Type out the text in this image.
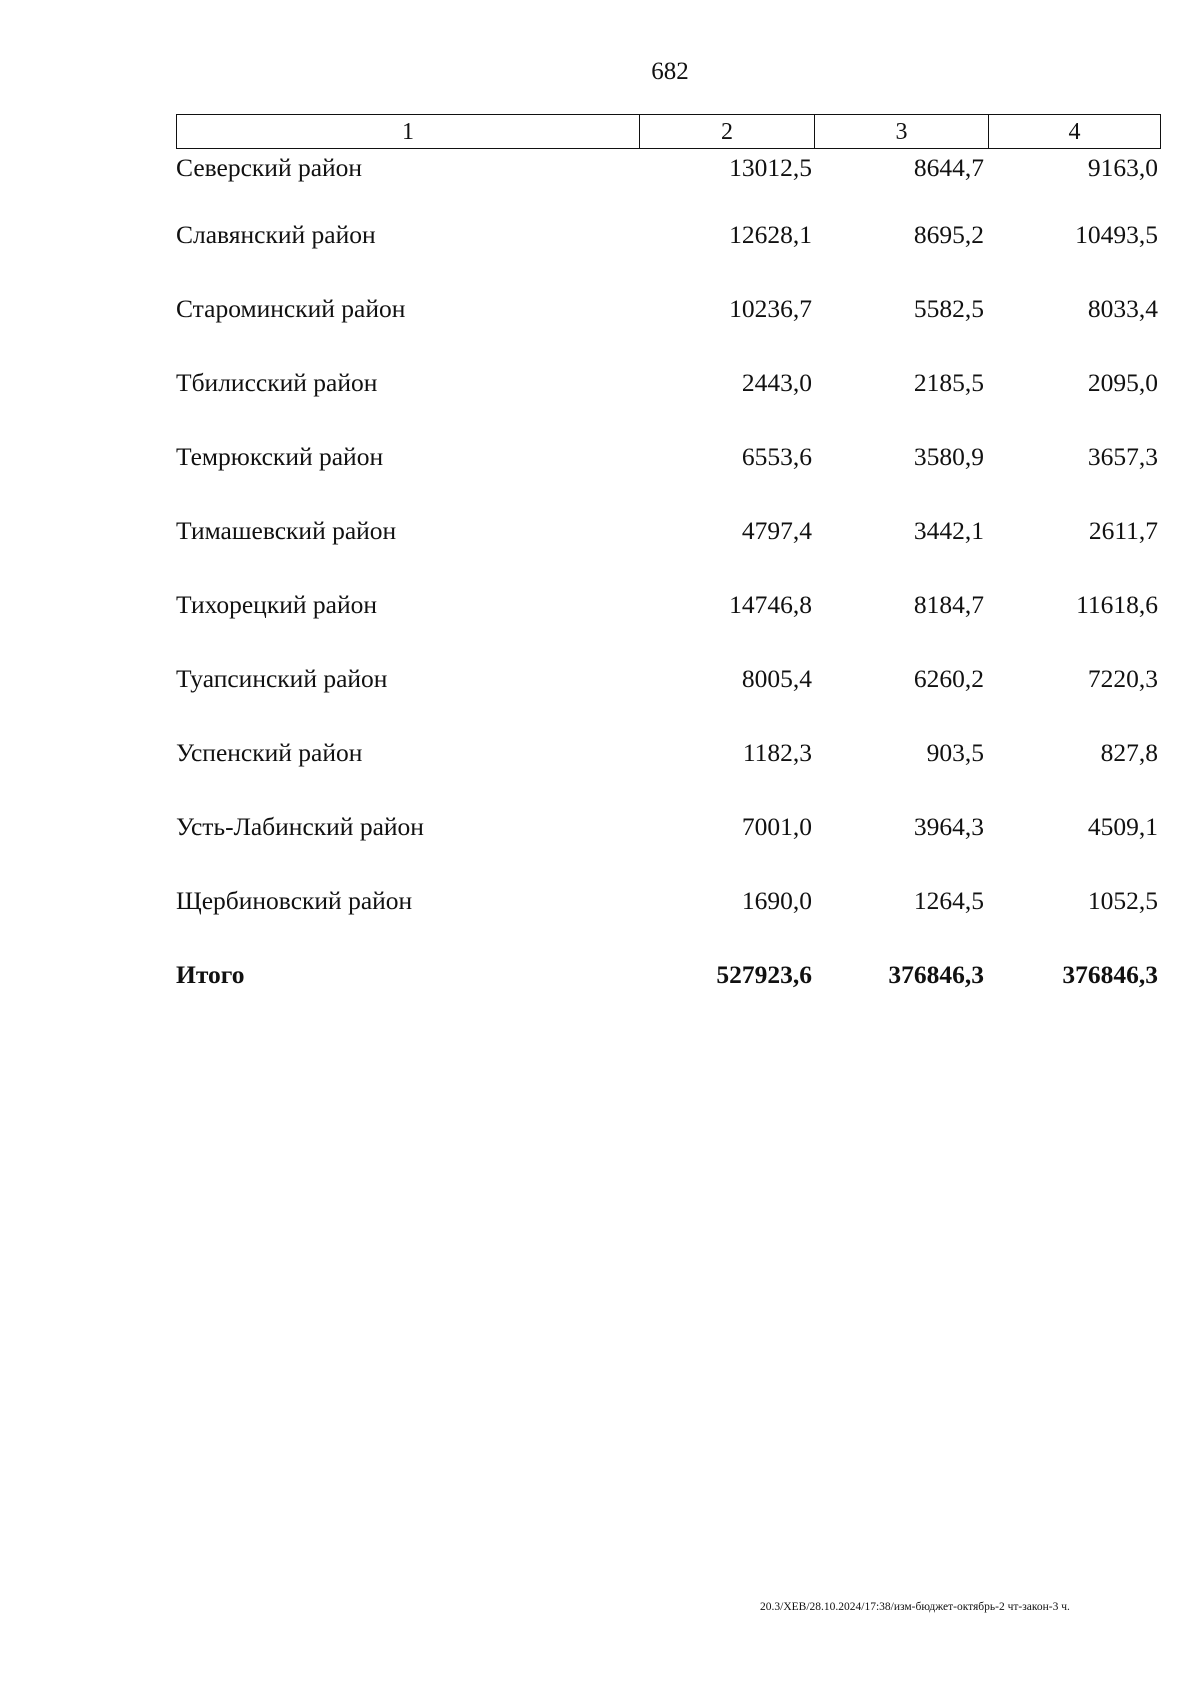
682
1	2	3	4
Северский район	13012,5	8644,7	9163,0
Славянский район	12628,1	8695,2	10493,5
Староминский район	10236,7	5582,5	8033,4
Тбилисский район	2443,0	2185,5	2095,0
Темрюкский район	6553,6	3580,9	3657,3
Тимашевский район	4797,4	3442,1	2611,7
Тихорецкий район	14746,8	8184,7	11618,6
Туапсинский район	8005,4	6260,2	7220,3
Успенский район	1182,3	903,5	827,8
Усть-Лабинский район	7001,0	3964,3	4509,1
Щербиновский район	1690,0	1264,5	1052,5
Итого	527923,6	376846,3	376846,3
20.3/ХЕВ/28.10.2024/17:38/изм-бюджет-октябрь-2 чт-закон-3 ч.
